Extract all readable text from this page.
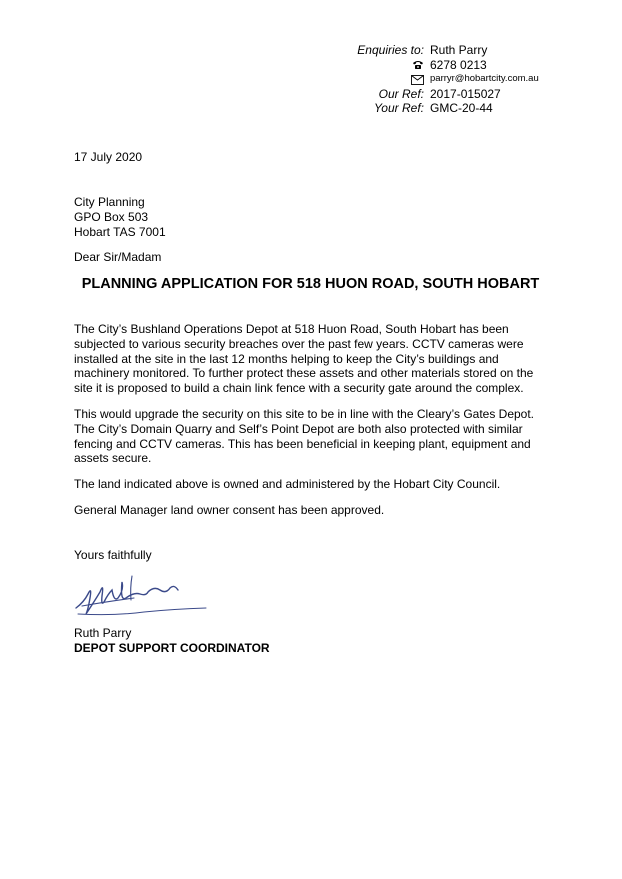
Enquiries to: Ruth Parry
6278 0213
parryr@hobartcity.com.au
Our Ref: 2017-015027
Your Ref: GMC-20-44
17 July 2020
City Planning
GPO Box 503
Hobart TAS 7001
Dear Sir/Madam
PLANNING APPLICATION FOR 518 HUON ROAD, SOUTH HOBART

The City’s Bushland Operations Depot at 518 Huon Road, South Hobart has been subjected to various security breaches over the past few years. CCTV cameras were installed at the site in the last 12 months helping to keep the City’s buildings and machinery monitored. To further protect these assets and other materials stored on the site it is proposed to build a chain link fence with a security gate around the complex.

This would upgrade the security on this site to be in line with the Cleary’s Gates Depot. The City’s Domain Quarry and Self’s Point Depot are both also protected with similar fencing and CCTV cameras. This has been beneficial in keeping plant, equipment and assets secure.

The land indicated above is owned and administered by the Hobart City Council.

General Manager land owner consent has been approved.

Yours faithfully
Ruth Parry
DEPOT SUPPORT COORDINATOR
